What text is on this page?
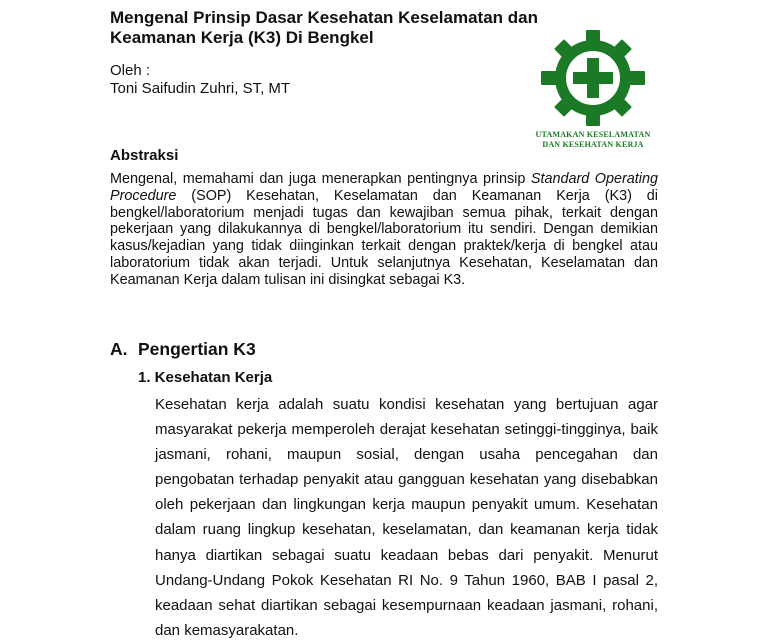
Mengenal Prinsip Dasar Kesehatan Keselamatan dan Keamanan Kerja (K3) Di Bengkel
Oleh :
Toni Saifudin Zuhri, ST, MT
UTAMAKAN KESELAMATAN
DAN KESEHATAN KERJA
Abstraksi

Mengenal, memahami dan juga menerapkan pentingnya prinsip Standard Operating Procedure (SOP) Kesehatan, Keselamatan dan Keamanan Kerja (K3) di bengkel/laboratorium menjadi tugas dan kewajiban semua pihak, terkait dengan pekerjaan yang dilakukannya di bengkel/laboratorium itu sendiri. Dengan demikian kasus/kejadian yang tidak diinginkan terkait dengan praktek/kerja di bengkel atau laboratorium tidak akan terjadi. Untuk selanjutnya Kesehatan, Keselamatan dan Keamanan Kerja dalam tulisan ini disingkat sebagai K3.

A. Pengertian K3
1. Kesehatan Kerja

Kesehatan kerja adalah suatu kondisi kesehatan yang bertujuan agar masyarakat pekerja memperoleh derajat kesehatan setinggi-tingginya, baik jasmani, rohani, maupun sosial, dengan usaha pencegahan dan pengobatan terhadap penyakit atau gangguan kesehatan yang disebabkan oleh pekerjaan dan lingkungan kerja maupun penyakit umum. Kesehatan dalam ruang lingkup kesehatan, keselamatan, dan keamanan kerja tidak hanya diartikan sebagai suatu keadaan bebas dari penyakit. Menurut Undang-Undang Pokok Kesehatan RI No. 9 Tahun 1960, BAB I pasal 2, keadaan sehat diartikan sebagai kesempurnaan keadaan jasmani, rohani, dan kemasyarakatan.
